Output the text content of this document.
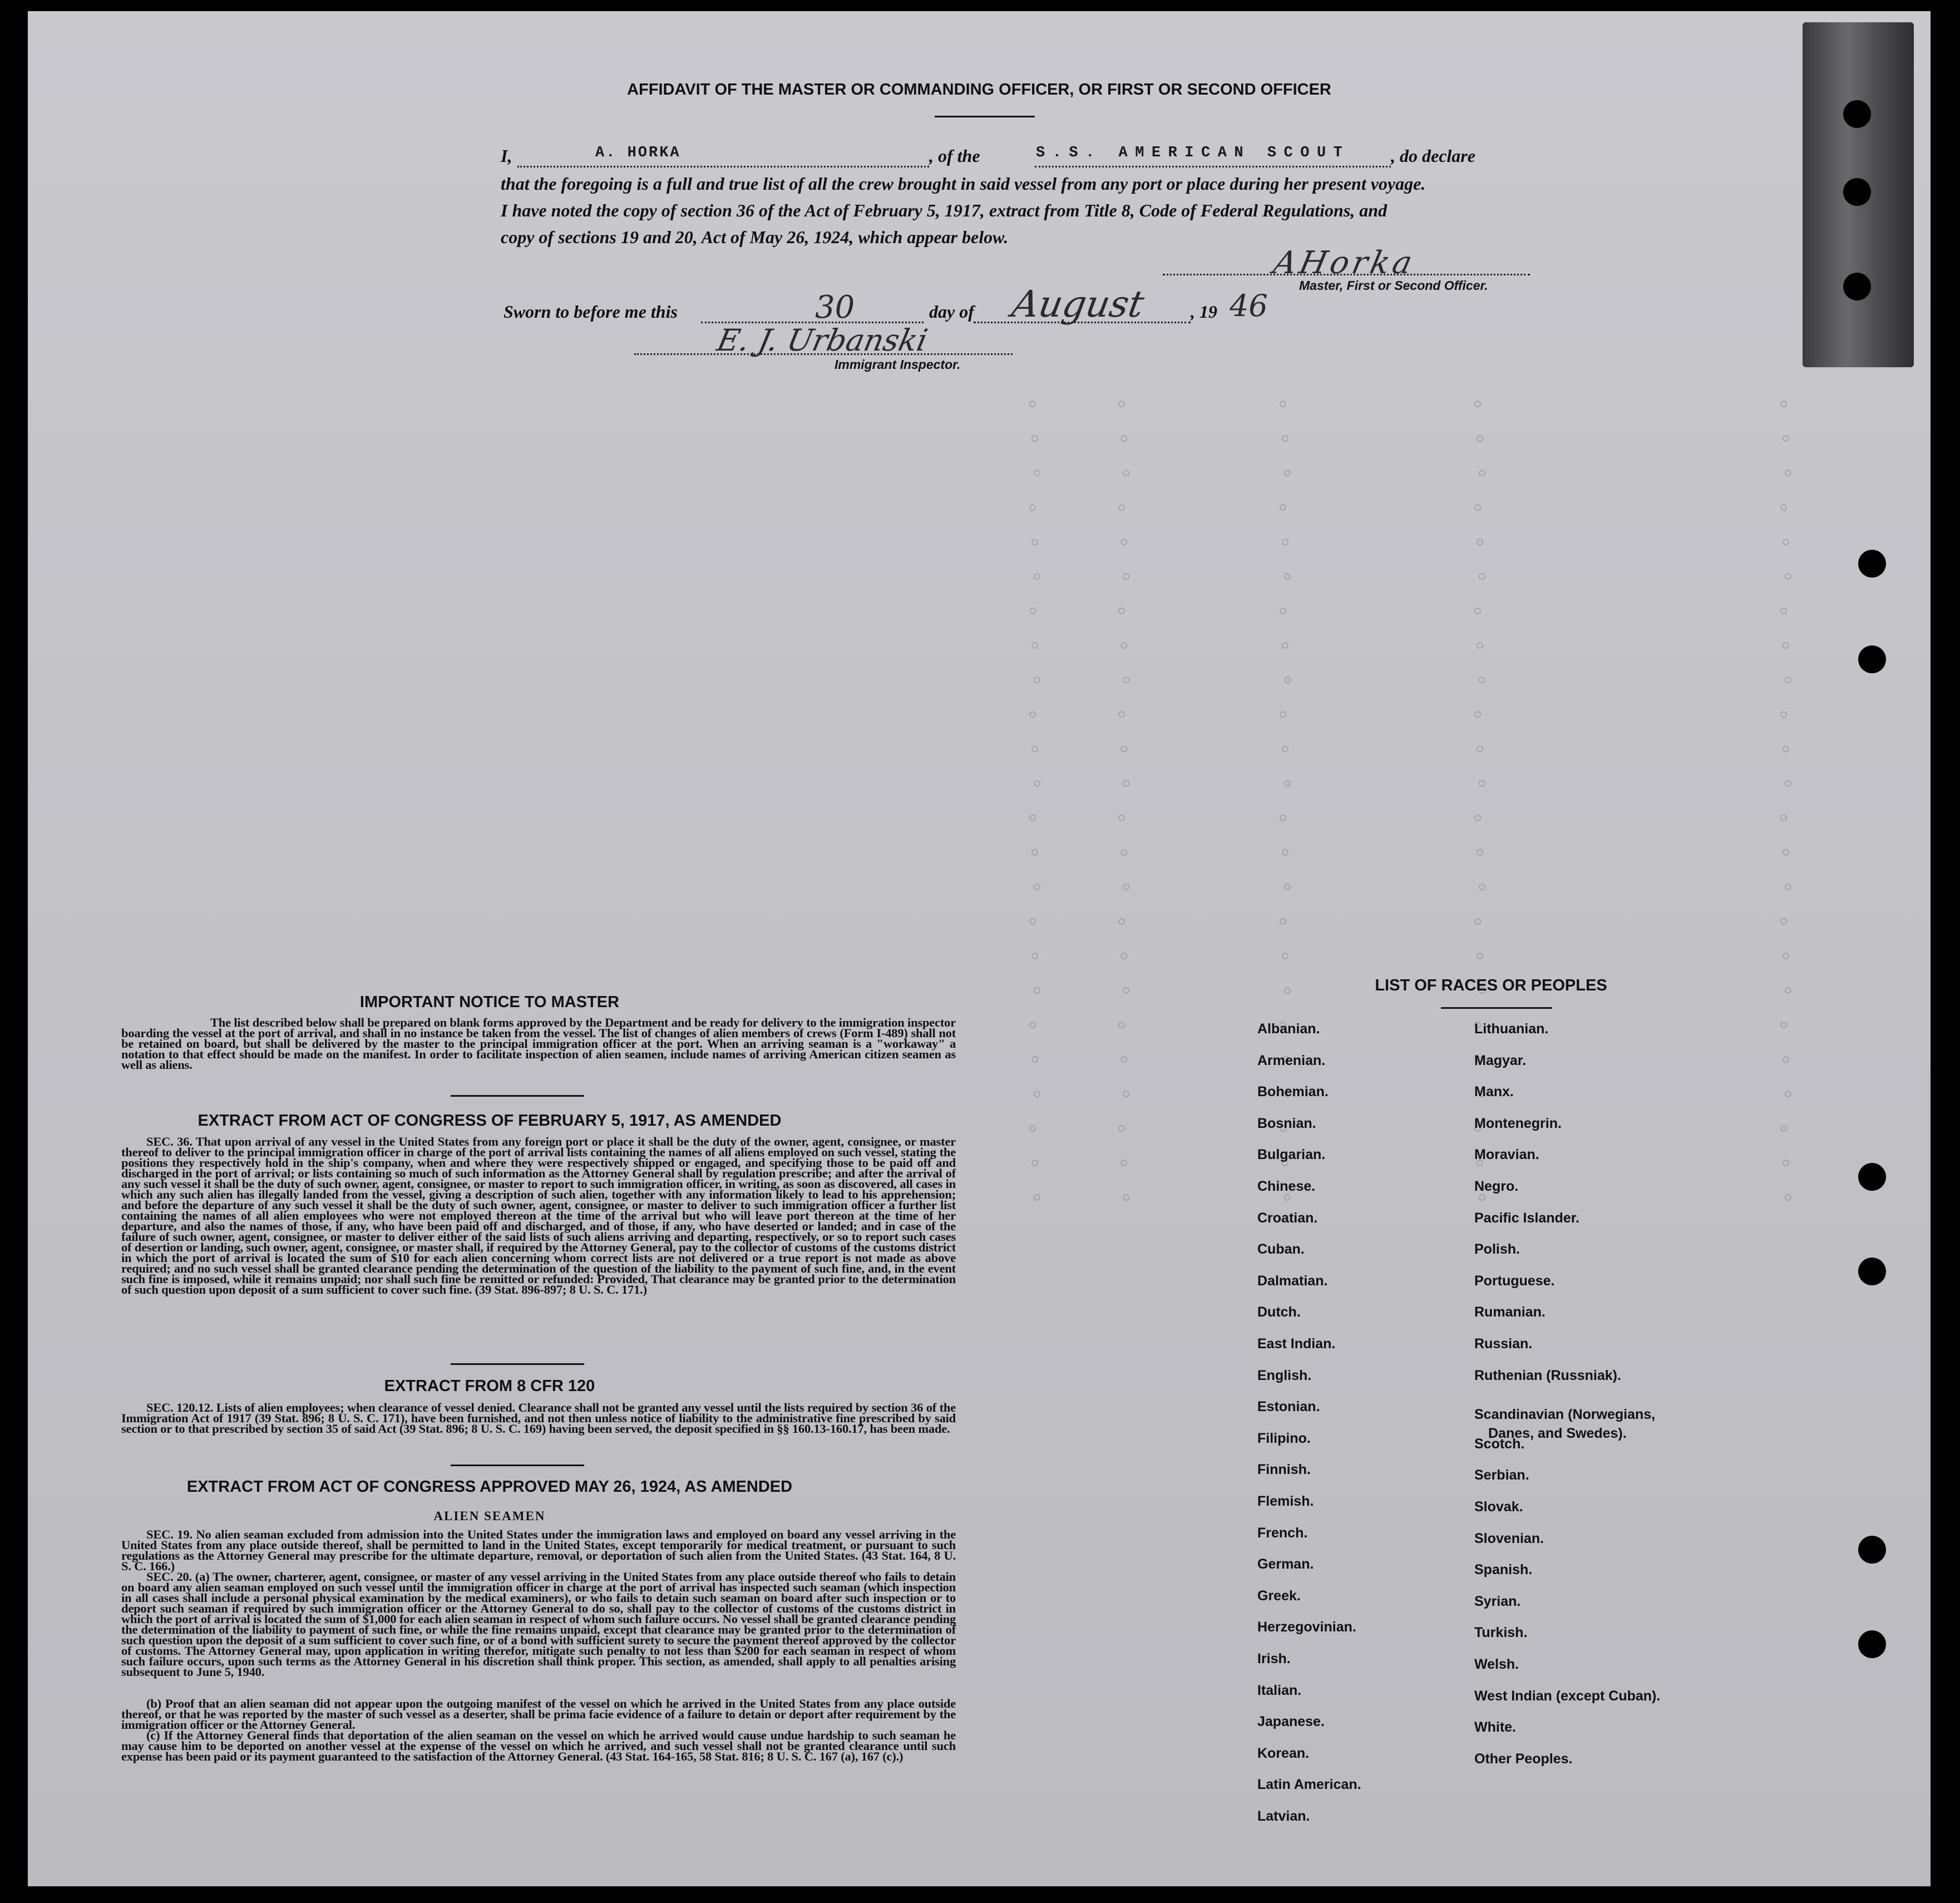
AFFIDAVIT OF THE MASTER OR COMMANDING OFFICER, OR FIRST OR SECOND OFFICER
I,	A. HORKA	, of the	S.S. AMERICAN SCOUT , do declare
that the foregoing is a full and true list of all the crew brought in said vessel from any port or place during her present voyage.
I have noted the copy of section 36 of the Act of February 5, 1917, extract from Title 8, Code of Federal Regulations, and
copy of sections 19 and 20, Act of May 26, 1924, which appear below.
AHorka
Master, First or Second Officer.
Sworn to before me this	30	day of August , 19 46
E. J. Urbanski
Immigrant Inspector.
IMPORTANT NOTICE TO MASTER
The list described below shall be prepared on blank forms approved by the Department and be ready for delivery to the immigration inspector boarding the vessel at the port of arrival, and shall in no instance be taken from the vessel. The list of changes of alien members of crews (Form I-489) shall not be retained on board, but shall be delivered by the master to the principal immigration officer at the port. When an arriving seaman is a "workaway" a notation to that effect should be made on the manifest. In order to facilitate inspection of alien seamen, include names of arriving American citizen seamen as well as aliens.
EXTRACT FROM ACT OF CONGRESS OF FEBRUARY 5, 1917, AS AMENDED
SEC. 36. That upon arrival of any vessel in the United States from any foreign port or place it shall be the duty of the owner, agent, consignee, or master thereof to deliver to the principal immigration officer in charge of the port of arrival lists containing the names of all aliens employed on such vessel, stating the positions they respectively hold in the ship's company, when and where they were respectively shipped or engaged, and specifying those to be paid off and discharged in the port of arrival; or lists containing so much of such information as the Attorney General shall by regulation prescribe; and after the arrival of any such vessel it shall be the duty of such owner, agent, consignee, or master to report to such immigration officer, in writing, as soon as discovered, all cases in which any such alien has illegally landed from the vessel, giving a description of such alien, together with any information likely to lead to his apprehension; and before the departure of any such vessel it shall be the duty of such owner, agent, consignee, or master to deliver to such immigration officer a further list containing the names of all alien employees who were not employed thereon at the time of the arrival but who will leave port thereon at the time of her departure, and also the names of those, if any, who have been paid off and discharged, and of those, if any, who have deserted or landed; and in case of the failure of such owner, agent, consignee, or master to deliver either of the said lists of such aliens arriving and departing, respectively, or so to report such cases of desertion or landing, such owner, agent, consignee, or master shall, if required by the Attorney General, pay to the collector of customs of the customs district in which the port of arrival is located the sum of $10 for each alien concerning whom correct lists are not delivered or a true report is not made as above required; and no such vessel shall be granted clearance pending the determination of the question of the liability to the payment of such fine, and, in the event such fine is imposed, while it remains unpaid; nor shall such fine be remitted or refunded: Provided, That clearance may be granted prior to the determination of such question upon deposit of a sum sufficient to cover such fine. (39 Stat. 896-897; 8 U. S. C. 171.)
EXTRACT FROM 8 CFR 120
SEC. 120.12. Lists of alien employees; when clearance of vessel denied. Clearance shall not be granted any vessel until the lists required by section 36 of the Immigration Act of 1917 (39 Stat. 896; 8 U. S. C. 171), have been furnished, and not then unless notice of liability to the administrative fine prescribed by said section or to that prescribed by section 35 of said Act (39 Stat. 896; 8 U. S. C. 169) having been served, the deposit specified in §§ 160.13-160.17, has been made.
EXTRACT FROM ACT OF CONGRESS APPROVED MAY 26, 1924, AS AMENDED
ALIEN SEAMEN
SEC. 19. No alien seaman excluded from admission into the United States under the immigration laws and employed on board any vessel arriving in the United States from any place outside thereof, shall be permitted to land in the United States, except temporarily for medical treatment, or pursuant to such regulations as the Attorney General may prescribe for the ultimate departure, removal, or deportation of such alien from the United States. (43 Stat. 164, 8 U. S. C. 166.)
SEC. 20. (a) The owner, charterer, agent, consignee, or master of any vessel arriving in the United States from any place outside thereof who fails to detain on board any alien seaman employed on such vessel until the immigration officer in charge at the port of arrival has inspected such seaman (which inspection in all cases shall include a personal physical examination by the medical examiners), or who fails to detain such seaman on board after such inspection or to deport such seaman if required by such immigration officer or the Attorney General to do so, shall pay to the collector of customs of the customs district in which the port of arrival is located the sum of $1,000 for each alien seaman in respect of whom such failure occurs. No vessel shall be granted clearance pending the determination of the liability to payment of such fine, or while the fine remains unpaid, except that clearance may be granted prior to the determination of such question upon the deposit of a sum sufficient to cover such fine, or of a bond with sufficient surety to secure the payment thereof approved by the collector of customs. The Attorney General may, upon application in writing therefor, mitigate such penalty to not less than $200 for each seaman in respect of whom such failure occurs, upon such terms as the Attorney General in his discretion shall think proper. This section, as amended, shall apply to all penalties arising subsequent to June 5, 1940.
(b) Proof that an alien seaman did not appear upon the outgoing manifest of the vessel on which he arrived in the United States from any place outside thereof, or that he was reported by the master of such vessel as a deserter, shall be prima facie evidence of a failure to detain or deport after requirement by the immigration officer or the Attorney General.
(c) If the Attorney General finds that deportation of the alien seaman on the vessel on which he arrived would cause undue hardship to such seaman he may cause him to be deported on another vessel at the expense of the vessel on which he arrived, and such vessel shall not be granted clearance until such expense has been paid or its payment guaranteed to the satisfaction of the Attorney General. (43 Stat. 164-165, 58 Stat. 816; 8 U. S. C. 167 (a), 167 (c).)
LIST OF RACES OR PEOPLES
Albanian.
Armenian.
Bohemian.
Bosnian.
Bulgarian.
Chinese.
Croatian.
Cuban.
Dalmatian.
Dutch.
East Indian.
English.
Estonian.
Filipino.
Finnish.
Flemish.
French.
German.
Greek.
Herzegovinian.
Irish.
Italian.
Japanese.
Korean.
Latin American.
Latvian.
Lithuanian.
Magyar.
Manx.
Montenegrin.
Moravian.
Negro.
Pacific Islander.
Polish.
Portuguese.
Rumanian.
Russian.
Ruthenian (Russniak).
Scandinavian (Norwegians,
Danes, and Swedes).
Scotch.
Serbian.
Slovak.
Slovenian.
Spanish.
Syrian.
Turkish.
Welsh.
West Indian (except Cuban).
White.
Other Peoples.
